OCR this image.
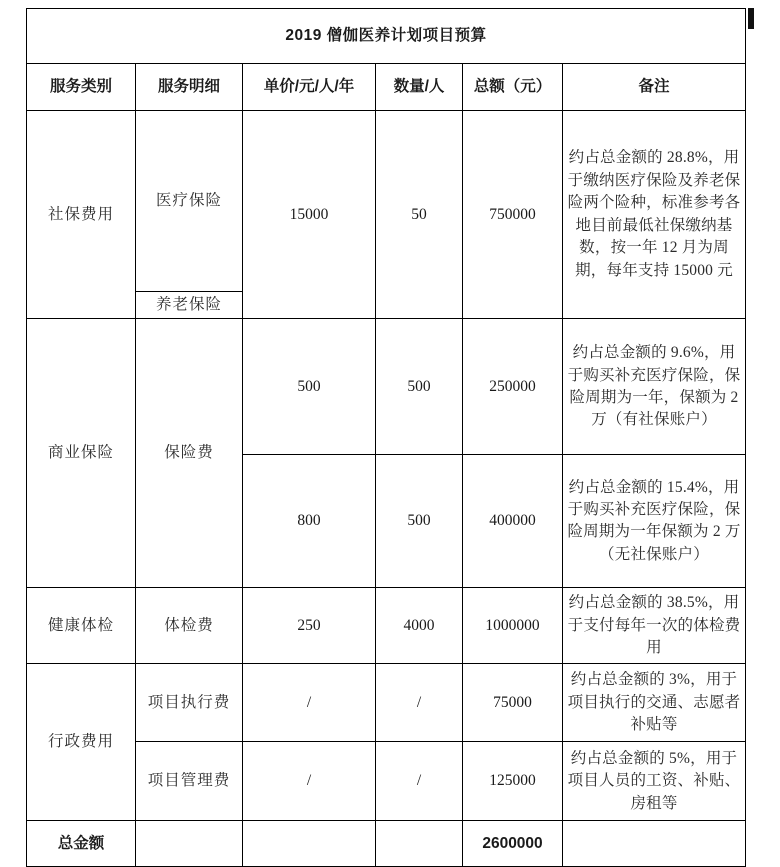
2019 僧伽医养计划项目预算					
服务类别	服务明细	单价/元/人/年	数量/人	总额（元）	备注
社保费用	医疗保险	15000	50	750000	约占总金额的 28.8%，用于缴纳医疗保险及养老保险两个险种，标准参考各地目前最低社保缴纳基数，按一年 12 月为周期，每年支持 15000 元
	养老保险				
商业保险	保险费	500	500	250000	约占总金额的 9.6%，用于购买补充医疗保险，保险周期为一年，保额为 2 万（有社保账户）
		800	500	400000	约占总金额的 15.4%，用于购买补充医疗保险，保险周期为一年保额为 2 万（无社保账户）
健康体检	体检费	250	4000	1000000	约占总金额的 38.5%，用于支付每年一次的体检费用
行政费用	项目执行费	/	/	75000	约占总金额的 3%，用于项目执行的交通、志愿者补贴等
	项目管理费	/	/	125000	约占总金额的 5%，用于项目人员的工资、补贴、房租等
总金额				2600000	
